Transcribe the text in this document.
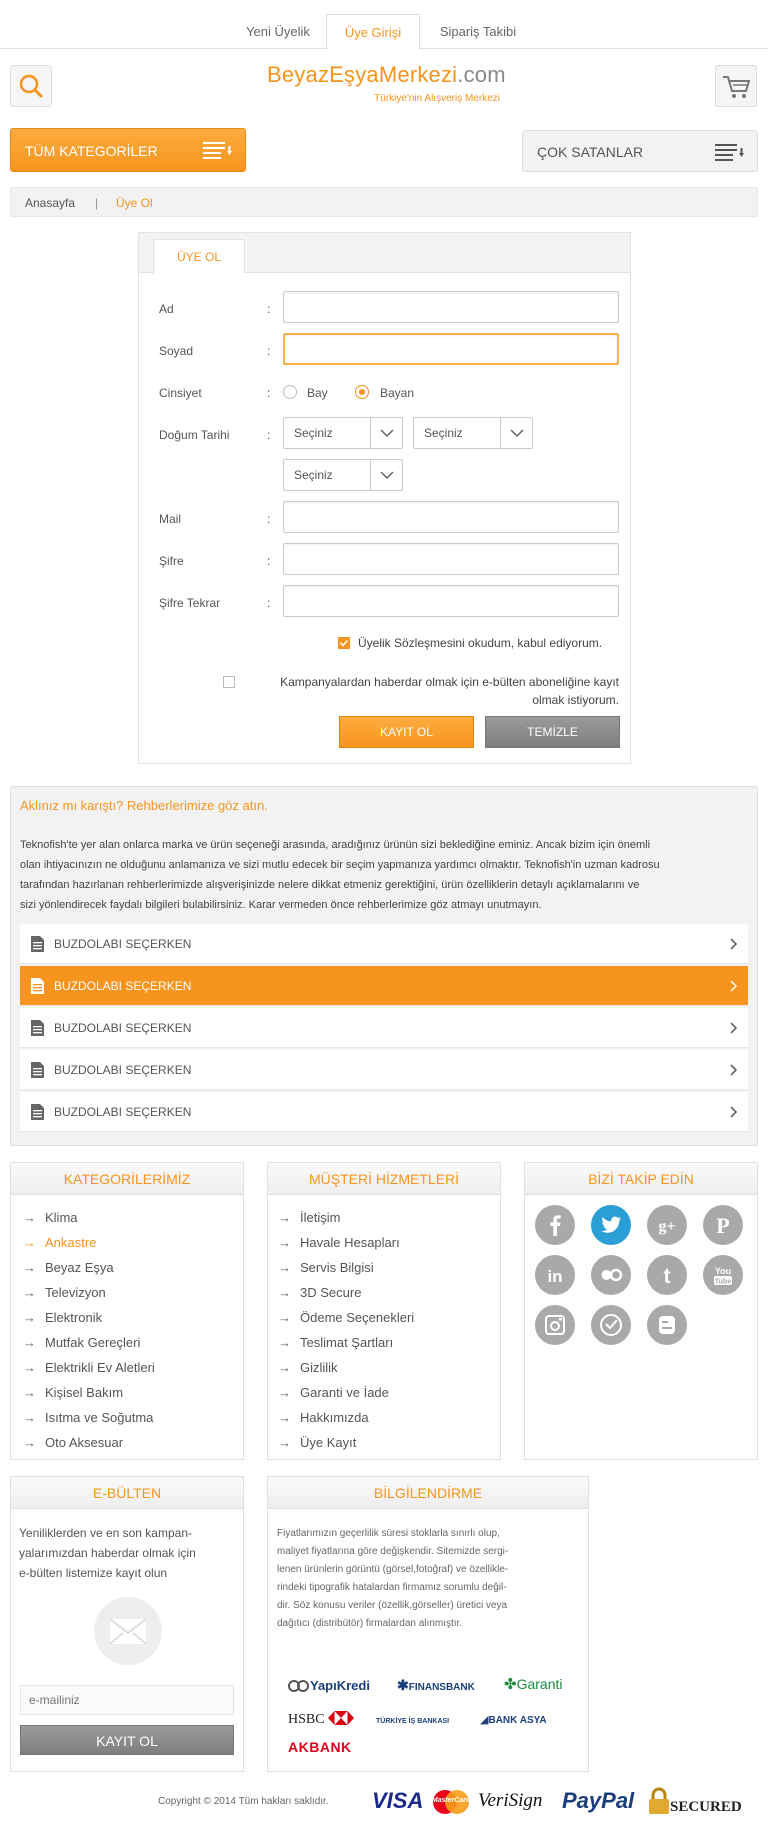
Yeni Üyelik	Üye Girişi	Sipariş Takibi
BeyazEşyaMerkezi.com
Türkiye'nin Alışveriş Merkezi
TÜM KATEGORİLER	ÇOK SATANLAR
Anasayfa | Üye Ol
ÜYE OL
Ad	:
Soyad	:
Cinsiyet	:	Bay	Bayan
Doğum Tarihi	:	Seçiniz	Seçiniz
Seçiniz
Mail	:
Şifre	:
Şifre Tekrar	:
Üyelik Sözleşmesini okudum, kabul ediyorum.
Kampanyalardan haberdar olmak için e-bülten aboneliğine kayıt
olmak istiyorum.
KAYIT OL	TEMİZLE
Aklınız mı karıştı? Rehberlerimize göz atın.
Teknofish'te yer alan onlarca marka ve ürün seçeneği arasında, aradığınız ürünün sizi beklediğine eminiz. Ancak bizim için önemli
olan ihtiyacınızın ne olduğunu anlamanıza ve sizi mutlu edecek bir seçim yapmanıza yardımcı olmaktır. Teknofish'in uzman kadrosu
tarafından hazırlanan rehberlerimizde alışverişinizde nelere dikkat etmeniz gerektiğini, ürün özelliklerin detaylı açıklamalarını ve
sizi yönlendirecek faydalı bilgileri bulabilirsiniz. Karar vermeden önce rehberlerimize göz atmayı unutmayın.
BUZDOLABI SEÇERKEN
BUZDOLABI SEÇERKEN
BUZDOLABI SEÇERKEN
BUZDOLABI SEÇERKEN
BUZDOLABI SEÇERKEN
KATEGORİLERİMİZ
→ Klima
→ Ankastre
→ Beyaz Eşya
→ Televizyon
→ Elektronik
→ Mutfak Gereçleri
→ Elektrikli Ev Aletleri
→ Kişisel Bakım
→ Isıtma ve Soğutma
→ Oto Aksesuar
MÜŞTERİ HİZMETLERİ
→ İletişim
→ Havale Hesapları
→ Servis Bilgisi
→ 3D Secure
→ Ödeme Seçenekleri
→ Teslimat Şartları
→ Gizlilik
→ Garanti ve İade
→ Hakkımızda
→ Üye Kayıt
BİZİ TAKİP EDİN
g+ P
in	t	You
Tube
E-BÜLTEN
Yeniliklerden ve en son kampan-
yalarımızdan haberdar olmak için
e-bülten listemize kayıt olun
e-mailiniz
KAYIT OL
BİLGİLENDİRME
Fiyatlarımızın geçerlilik süresi stoklarla sınırlı olup,
maliyet fiyatlarına göre değişkendir. Sitemizde sergi-
lenen ürünlerin görüntü (görsel,fotoğraf) ve özellikle-
rindeki tipografik hatalardan firmamız sorumlu değil-
dir. Söz konusu veriler (özellik,görseller) üretici veya
dağıtıcı (distribütör) firmalardan alınmıştır.
YapıKredi ✱FINANSBANK ✤Garanti
HSBC	TÜRKİYE İŞ BANKASI	◢BANK ASYA
AKBANK
Copyright © 2014 Tüm hakları saklıdır. VISA MasterCard VeriSign PayPal	SECURED
